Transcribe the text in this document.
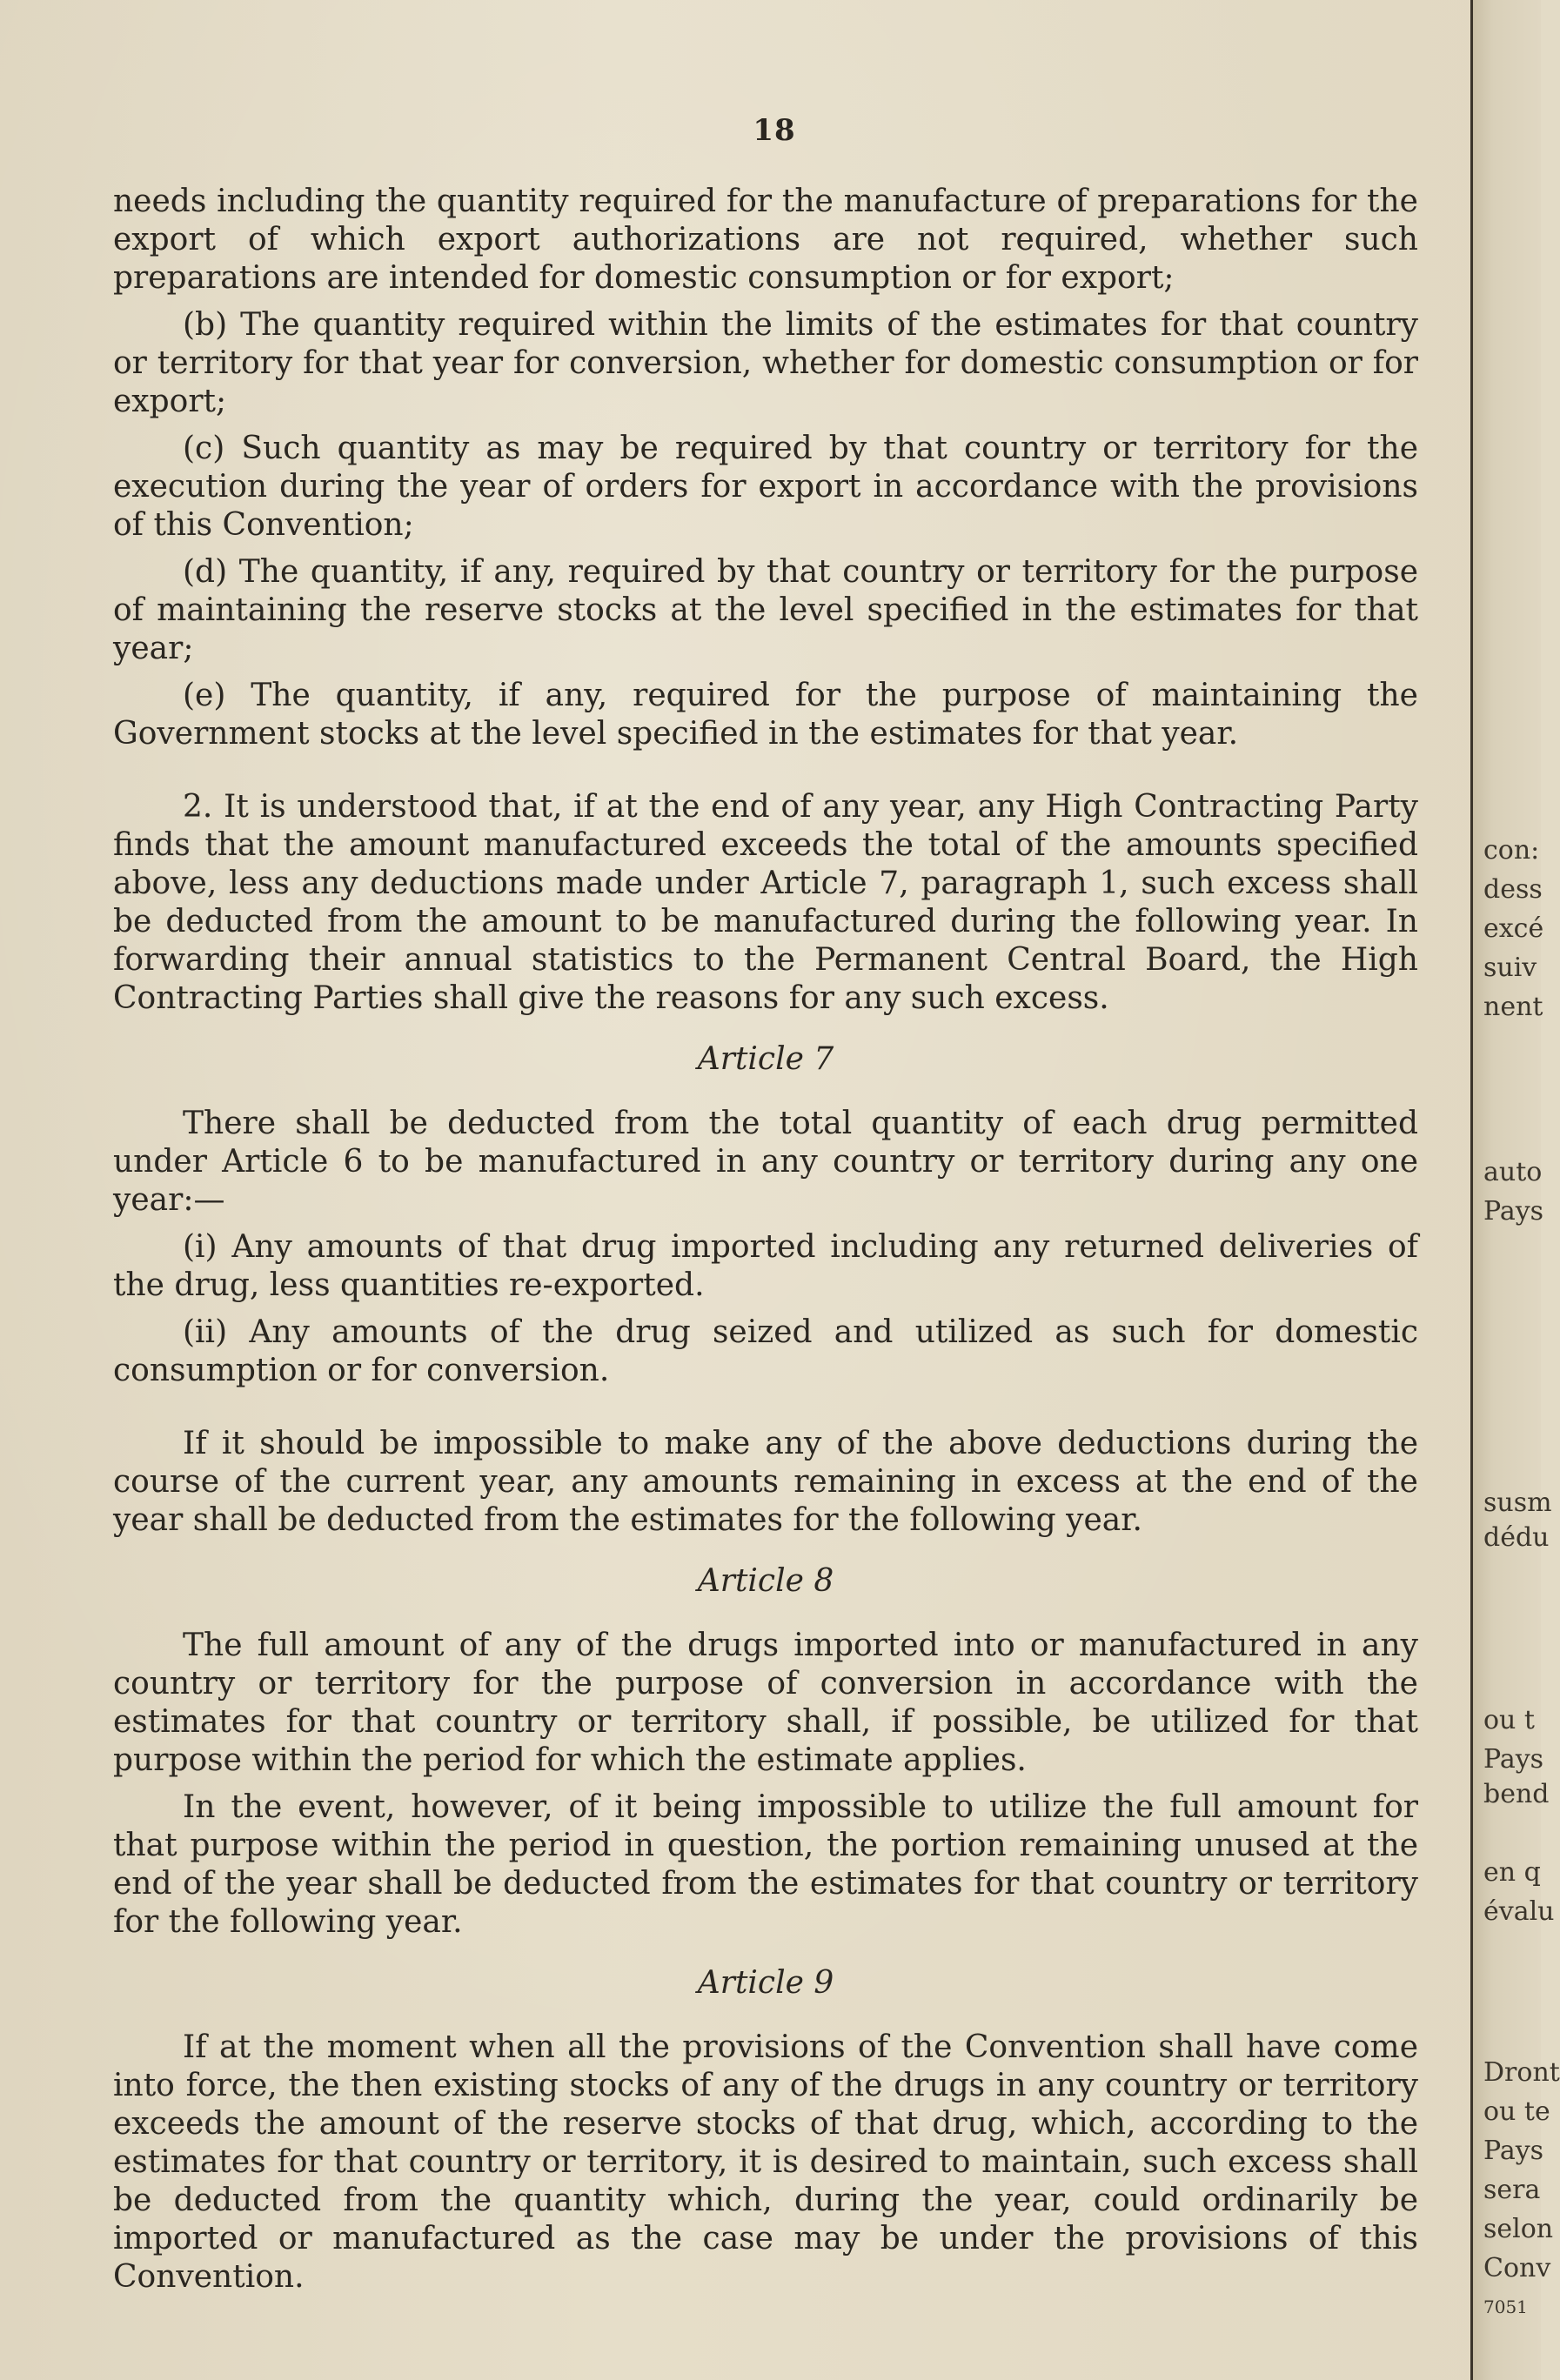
18

needs including the quantity required for the manufacture of preparations for the export of which export authorizations are not required, whether such preparations are intended for domestic consumption or for export;

(b) The quantity required within the limits of the estimates for that country or territory for that year for conversion, whether for domestic consumption or for export;

(c) Such quantity as may be required by that country or territory for the execution during the year of orders for export in accordance with the provisions of this Convention;

(d) The quantity, if any, required by that country or territory for the purpose of maintaining the reserve stocks at the level specified in the estimates for that year;

(e) The quantity, if any, required for the purpose of maintaining the Government stocks at the level specified in the estimates for that year.

2. It is understood that, if at the end of any year, any High Contracting Party finds that the amount manufactured exceeds the total of the amounts specified above, less any deductions made under Article 7, paragraph 1, such excess shall be deducted from the amount to be manufactured during the following year. In forwarding their annual statistics to the Permanent Central Board, the High Contracting Parties shall give the reasons for any such excess.

Article 7

There shall be deducted from the total quantity of each drug permitted under Article 6 to be manufactured in any country or territory during any one year:—

(i) Any amounts of that drug imported including any returned deliveries of the drug, less quantities re-exported.

(ii) Any amounts of the drug seized and utilized as such for domestic consumption or for conversion.

If it should be impossible to make any of the above deductions during the course of the current year, any amounts remaining in excess at the end of the year shall be deducted from the estimates for the following year.

Article 8

The full amount of any of the drugs imported into or manufactured in any country or territory for the purpose of conversion in accordance with the estimates for that country or territory shall, if possible, be utilized for that purpose within the period for which the estimate applies.

In the event, however, of it being impossible to utilize the full amount for that purpose within the period in question, the portion remaining unused at the end of the year shall be deducted from the estimates for that country or territory for the following year.

Article 9

If at the moment when all the provisions of the Convention shall have come into force, the then existing stocks of any of the drugs in any country or territory exceeds the amount of the reserve stocks of that drug, which, according to the estimates for that country or territory, it is desired to maintain, such excess shall be deducted from the quantity which, during the year, could ordinarily be imported or manufactured as the case may be under the provisions of this Convention.

con:
dess
excé
suiv
nent
auto
Pays
susm
dédu
ou t
Pays
bend
en q
évalu
Dront
ou te
Pays
sera
selon
Conv
7051
